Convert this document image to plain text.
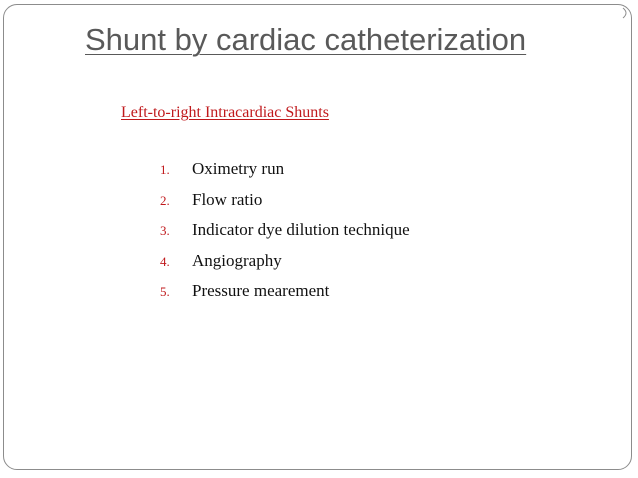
Shunt by cardiac catheterization
Left-to-right Intracardiac Shunts
1.	Oximetry run
2.	Flow ratio
3.	Indicator dye dilution technique
4.	Angiography
5.	Pressure mearement
